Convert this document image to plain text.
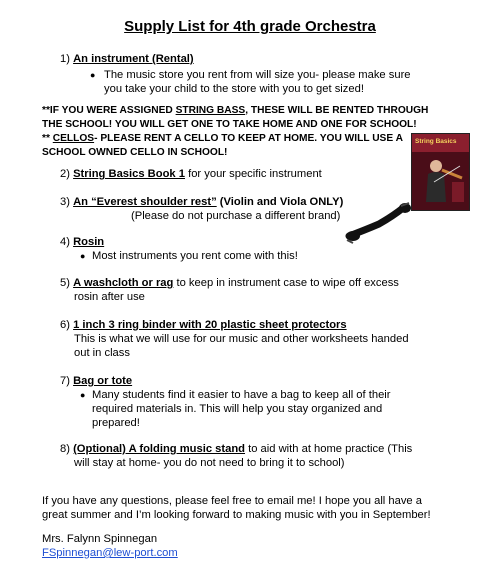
Supply List for 4th grade Orchestra
1) An instrument (Rental)
● The music store you rent from will size you- please make sure
you take your child to the store with you to get sized!
**IF YOU WERE ASSIGNED STRING BASS, THESE WILL BE RENTED THROUGH
THE SCHOOL! YOU WILL GET ONE TO TAKE HOME AND ONE FOR SCHOOL!
** CELLOS- PLEASE RENT A CELLO TO KEEP AT HOME. YOU WILL USE A
SCHOOL OWNED CELLO IN SCHOOL!
String Basics
2) String Basics Book 1 for your specific instrument
3) An “Everest shoulder rest” (Violin and Viola ONLY)
(Please do not purchase a different brand)
4) Rosin
● Most instruments you rent come with this!
5) A washcloth or rag to keep in instrument case to wipe off excess
rosin after use
6) 1 inch 3 ring binder with 20 plastic sheet protectors
This is what we will use for our music and other worksheets handed
out in class
7) Bag or tote
● Many students find it easier to have a bag to keep all of their
required materials in. This will help you stay organized and
prepared!
8) (Optional) A folding music stand to aid with at home practice (This
will stay at home- you do not need to bring it to school)
If you have any questions, please feel free to email me! I hope you all have a
great summer and I’m looking forward to making music with you in September!
Mrs. Falynn Spinnegan
FSpinnegan@lew-port.com
